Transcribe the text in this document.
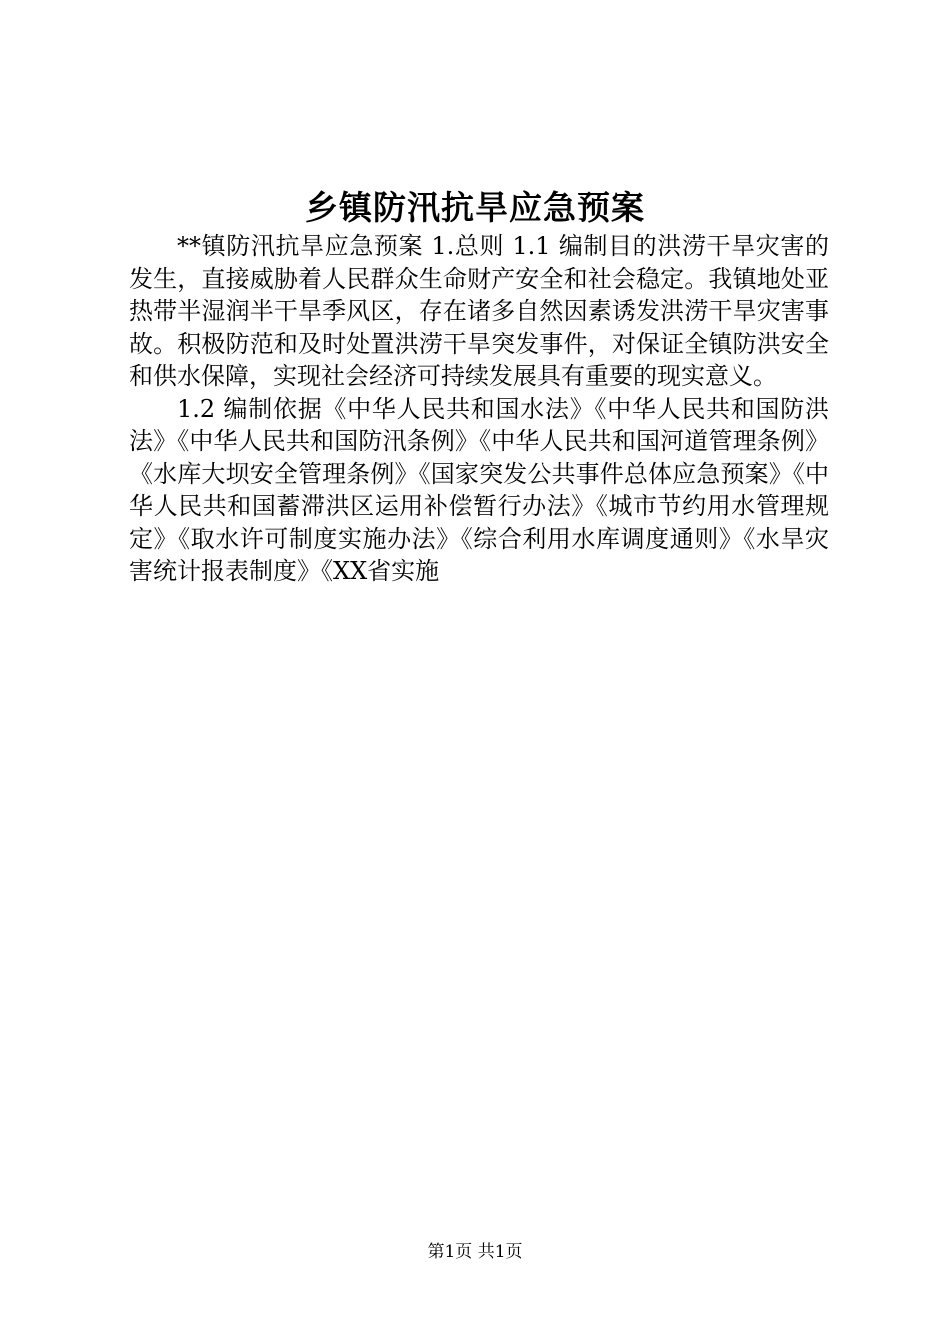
乡镇防汛抗旱应急预案

**镇防汛抗旱应急预案 1.总则 1.1 编制目的洪涝干旱灾害的发生，直接威胁着人民群众生命财产安全和社会稳定。我镇地处亚热带半湿润半干旱季风区，存在诸多自然因素诱发洪涝干旱灾害事故。积极防范和及时处置洪涝干旱突发事件，对保证全镇防洪安全和供水保障，实现社会经济可持续发展具有重要的现实意义。

1.2 编制依据《中华人民共和国水法》《中华人民共和国防洪法》《中华人民共和国防汛条例》《中华人民共和国河道管理条例》《水库大坝安全管理条例》《国家突发公共事件总体应急预案》《中华人民共和国蓄滞洪区运用补偿暂行办法》《城市节约用水管理规定》《取水许可制度实施办法》《综合利用水库调度通则》《水旱灾害统计报表制度》《XX省实施

第1页 共1页
